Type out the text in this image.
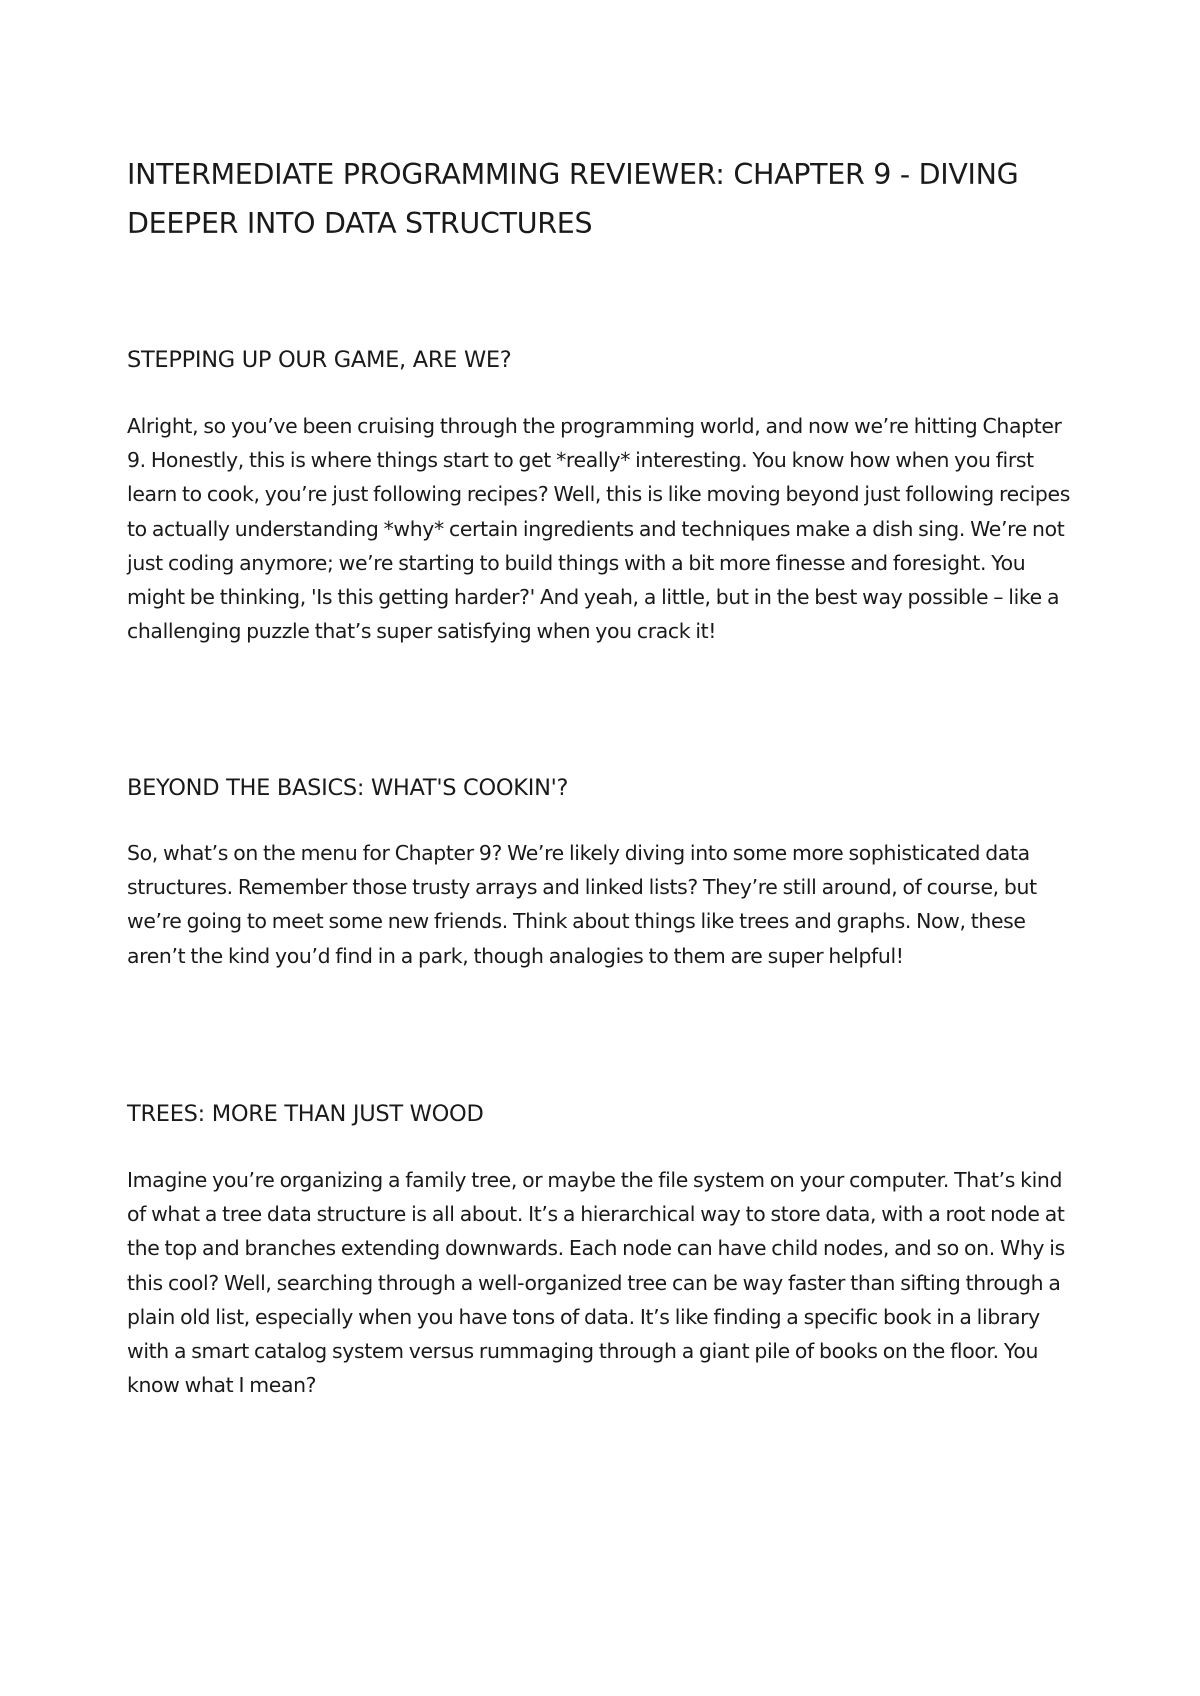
INTERMEDIATE PROGRAMMING REVIEWER: CHAPTER 9 - DIVING DEEPER INTO DATA STRUCTURES
STEPPING UP OUR GAME, ARE WE?

Alright, so you’ve been cruising through the programming world, and now we’re hitting Chapter 9. Honestly, this is where things start to get *really* interesting. You know how when you first learn to cook, you’re just following recipes? Well, this is like moving beyond just following recipes to actually understanding *why* certain ingredients and techniques make a dish sing. We’re not just coding anymore; we’re starting to build things with a bit more finesse and foresight. You might be thinking, 'Is this getting harder?' And yeah, a little, but in the best way possible – like a challenging puzzle that’s super satisfying when you crack it!

BEYOND THE BASICS: WHAT'S COOKIN'?

So, what’s on the menu for Chapter 9? We’re likely diving into some more sophisticated data structures. Remember those trusty arrays and linked lists? They’re still around, of course, but we’re going to meet some new friends. Think about things like trees and graphs. Now, these aren’t the kind you’d find in a park, though analogies to them are super helpful!

TREES: MORE THAN JUST WOOD

Imagine you’re organizing a family tree, or maybe the file system on your computer. That’s kind of what a tree data structure is all about. It’s a hierarchical way to store data, with a root node at the top and branches extending downwards. Each node can have child nodes, and so on. Why is this cool? Well, searching through a well-organized tree can be way faster than sifting through a plain old list, especially when you have tons of data. It’s like finding a specific book in a library with a smart catalog system versus rummaging through a giant pile of books on the floor. You know what I mean?
